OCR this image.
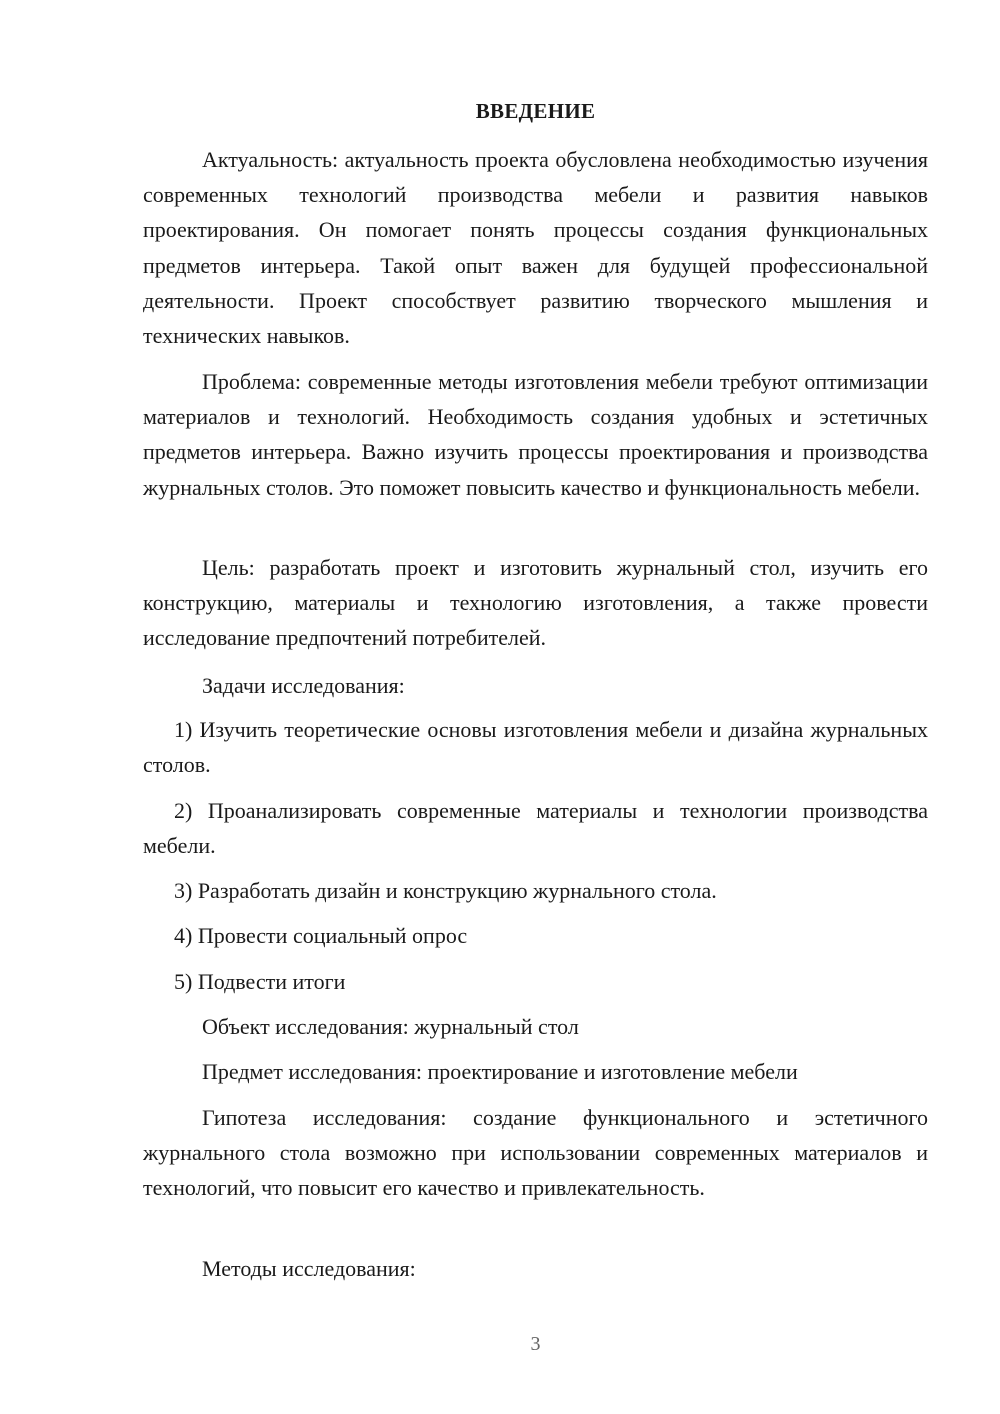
ВВЕДЕНИЕ

Актуальность: актуальность проекта обусловлена необходимостью изучения современных технологий производства мебели и развития навыков проектирования. Он помогает понять процессы создания функциональных предметов интерьера. Такой опыт важен для будущей профессиональной деятельности. Проект способствует развитию творческого мышления и технических навыков.

Проблема: современные методы изготовления мебели требуют оптимизации материалов и технологий. Необходимость создания удобных и эстетичных предметов интерьера. Важно изучить процессы проектирования и производства журнальных столов. Это поможет повысить качество и функциональность мебели.

Цель: разработать проект и изготовить журнальный стол, изучить его конструкцию, материалы и технологию изготовления, а также провести исследование предпочтений потребителей.

Задачи исследования:

1) Изучить теоретические основы изготовления мебели и дизайна журнальных столов.

2) Проанализировать современные материалы и технологии производства мебели.

3) Разработать дизайн и конструкцию журнального стола.

4) Провести социальный опрос

5) Подвести итоги

Объект исследования: журнальный стол

Предмет исследования: проектирование и изготовление мебели

Гипотеза исследования: создание функционального и эстетичного журнального стола возможно при использовании современных материалов и технологий, что повысит его качество и привлекательность.

Методы исследования:

3
